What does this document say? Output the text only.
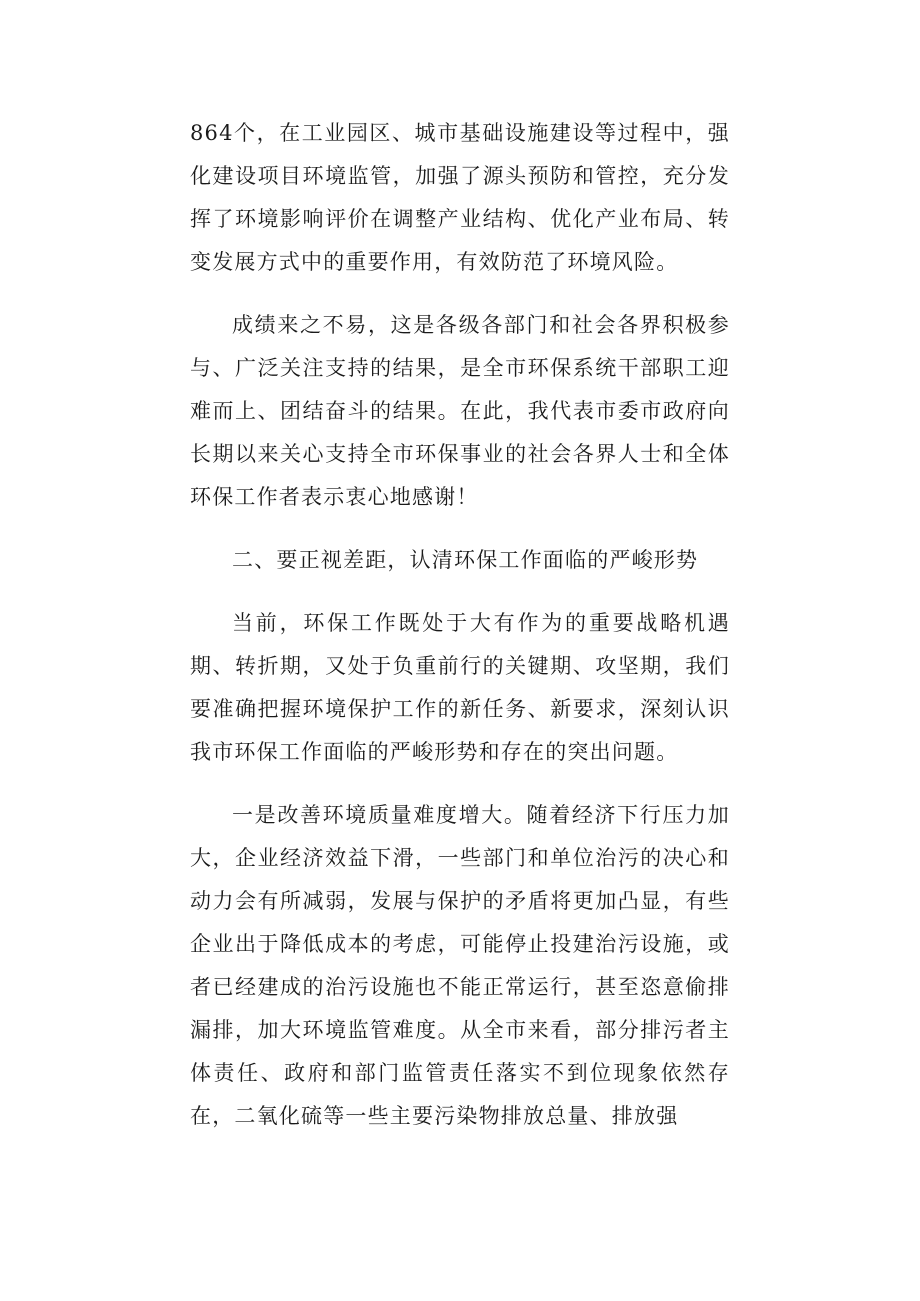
864个，在工业园区、城市基础设施建设等过程中，强化建设项目环境监管，加强了源头预防和管控，充分发挥了环境影响评价在调整产业结构、优化产业布局、转变发展方式中的重要作用，有效防范了环境风险。

成绩来之不易，这是各级各部门和社会各界积极参与、广泛关注支持的结果，是全市环保系统干部职工迎难而上、团结奋斗的结果。在此，我代表市委市政府向长期以来关心支持全市环保事业的社会各界人士和全体环保工作者表示衷心地感谢！

二、要正视差距，认清环保工作面临的严峻形势

当前，环保工作既处于大有作为的重要战略机遇期、转折期，又处于负重前行的关键期、攻坚期，我们要准确把握环境保护工作的新任务、新要求，深刻认识我市环保工作面临的严峻形势和存在的突出问题。

一是改善环境质量难度增大。随着经济下行压力加大，企业经济效益下滑，一些部门和单位治污的决心和动力会有所减弱，发展与保护的矛盾将更加凸显，有些企业出于降低成本的考虑，可能停止投建治污设施，或者已经建成的治污设施也不能正常运行，甚至恣意偷排漏排，加大环境监管难度。从全市来看，部分排污者主体责任、政府和部门监管责任落实不到位现象依然存在，二氧化硫等一些主要污染物排放总量、排放强
